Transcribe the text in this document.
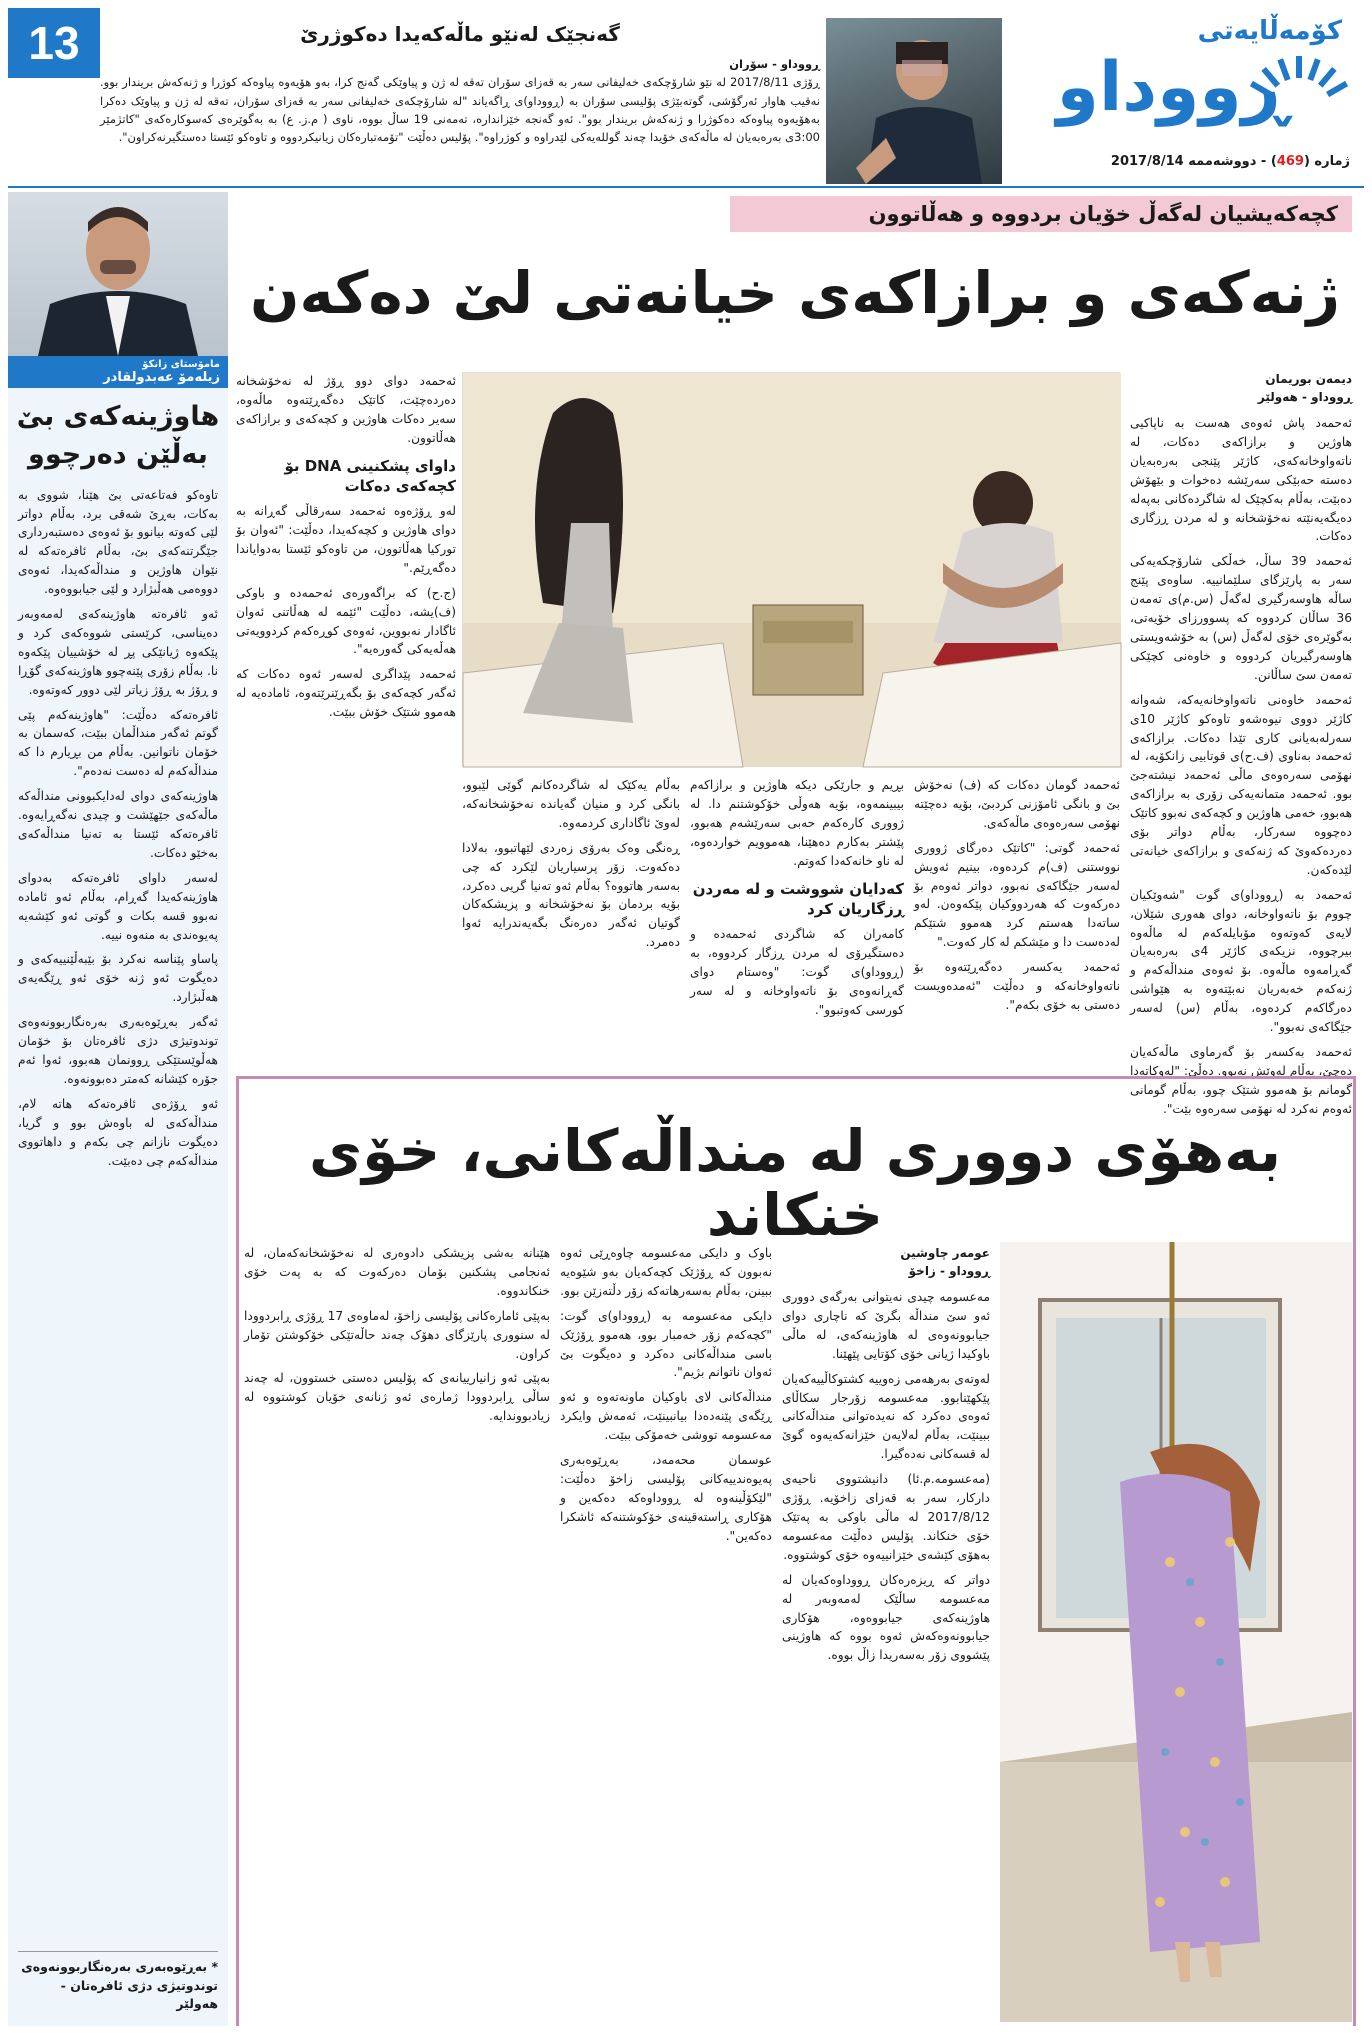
13	گەنجێک لەنێو ماڵەکەیدا دەکوژرێ
ڕووداو - سۆران
ڕۆژی 2017/8/11 لە نێو شارۆچکەی خەلیفانی سەر بە قەزای سۆران تەقە لە ژن و پیاوێکی گەنج کرا، بەو هۆیەوە پیاوەکە کوژرا و ژنەکەش بریندار بوو. نەقیب هاوار ئەرگۆشی، گوتەبێژی پۆلیسی سۆران بە (ڕووداو)ی ڕاگەیاند "لە شارۆچکەی خەلیفانی سەر بە قەزای سۆران، تەقە لە ژن و پیاوێک دەکرا بەهۆیەوە پیاوەکە دەکوژرا و ژنەکەش بریندار بوو". ئەو گەنجە خێزاندارە، تەمەنی 19 ساڵ بووە، ناوی ( م.ز. ع) بە بەگوێرەی کەسوکارەکەی "کاتژمێر 3:00ی بەرەبەیان لە ماڵەکەی خۆیدا چەند گوللەیەکی لێدراوە و کوژراوە". پۆلیس دەڵێت "تۆمەتبارەکان زیانیکردووە و تاوەکو ئێستا دەستگیرنەکراون".
کۆمەڵایەتی
ڕووداو
ژمارە (469) - دووشەممە 2017/8/14
مامۆستای زانکۆ
زیلەمۆ عەبدولقادر
هاوژینەکەی بێ بەڵێن دەرچوو

تاوەکو فەتاعەتی بێ هێنا، شووی بە بەکات، بەڕێ شەقی برد، بەڵام دواتر لێی کەوتە بیانوو بۆ ئەوەی دەستبەرداری جێگرتنەکەی بێ، بەڵام ئافرەتەکە لە نێوان هاوژین و منداڵەکەیدا، ئەوەی دووەمی هەڵبژارد و لێی جیابووەوە.

ئەو ئافرەتە هاوژینەکەی لەمەوبەر دەیناسی، کرێستی شووەکەی کرد و پێکەوە ژیانێکی پڕ لە خۆشییان پێکەوە نا. بەڵام زۆری پێنەچوو هاوژینەکەی گۆڕا و ڕۆژ بە ڕۆژ زیاتر لێی دوور کەوتەوە.

ئافرەتەکە دەڵێت: "هاوژینەکەم پێی گوتم ئەگەر منداڵمان ببێت، کەسمان بە خۆمان ناتوانین. بەڵام من بڕیارم دا کە منداڵەکەم لە دەست نەدەم".

هاوژینەکەی دوای لەدایکبوونی منداڵەکە ماڵەکەی جێهێشت و چیدی نەگەڕایەوە. ئافرەتەکە ئێستا بە تەنیا منداڵەکەی بەخێو دەکات.

لەسەر داوای ئافرەتەکە بەدوای هاوژینەکەیدا گەڕام، بەڵام ئەو ئامادە نەبوو قسە بکات و گوتی ئەو کێشەیە پەیوەندی بە منەوە نییە.

پاساو پێناسە نەکرد بۆ بێبەڵێنییەکەی و دەیگوت ئەو ژنە خۆی ئەو ڕێگەیەی هەڵبژارد.

ئەگەر بەڕێوەبەری بەرەنگاربوونەوەی توندوتیژی دژی ئافرەتان بۆ خۆمان هەڵوێستێکی ڕوونمان هەبوو، ئەوا ئەم جۆرە کێشانە کەمتر دەبوونەوە.

ئەو ڕۆژەی ئافرەتەکە هاتە لام، منداڵەکەی لە باوەش بوو و گریا، دەیگوت نازانم چی بکەم و داهاتووی منداڵەکەم چی دەبێت.

* بەڕێوەبەری بەرەنگاربوونەوەی توندوتیژی دژی ئافرەتان - هەولێر
کچەکەیشیان لەگەڵ خۆیان بردووە و هەڵاتوون
ژنەکەی و برازاکەی خیانەتی لێ دەکەن
دیمەن بوریمان
ڕووداو - هەولێر

ئەحمەد پاش ئەوەی هەست بە ناپاکیی هاوژین و برازاکەی دەکات، لە ناتەواوخانەکەی، کاژێر پێنجی بەرەبەیان دەستە حەبێکی سەرێشە دەخوات و بێهۆش دەبێت، بەڵام بەکچێک لە شاگردەکانی بەپەلە دەیگەیەنێتە نەخۆشخانە و لە مردن ڕزگاری دەکات.

ئەحمەد 39 ساڵ، خەڵکی شارۆچکەیەکی سەر بە پارێزگای سلێمانییە. ساوەی پێنج ساڵە هاوسەرگیری لەگەڵ (س.م)ی تەمەن 36 ساڵان کردووە کە پسوورزای خۆیەتی، بەگوێرەی خۆی لەگەڵ (س) بە خۆشەویستی هاوسەرگیریان کردووە و خاوەنی کچێکی تەمەن سێ ساڵانن.

ئەحمەد خاوەنی ناتەواوخانەیەکە، شەوانە کاژێر دووی نیوەشەو تاوەکو کاژێر 10ی سەرلەبەیانی کاری تێدا دەکات. برازاکەی ئەحمەد بەناوی (ف.ح)ی قوتابیی زانکۆیە، لە نهۆمی سەرەوەی ماڵی ئەحمەد نیشتەجێ بوو. ئەحمەد متمانەیەکی زۆری بە برازاکەی هەبوو، خەمی هاوژین و کچەکەی نەبوو کاتێک دەچووە سەرکار، بەڵام دواتر بۆی دەردەکەوێ کە ژنەکەی و برازاکەی خیانەتی لێدەکەن.

ئەحمەد بە (ڕووداو)ی گوت "شەوێکیان چووم بۆ ناتەواوخانە، دوای هەوری شێلان، لایەی کەوتەوە مۆبایلەکەم لە ماڵەوە بیرچووە، نزیکەی کاژێر 4ی بەرەبەیان گەڕامەوە ماڵەوە. بۆ ئەوەی منداڵەکەم و ژنەکەم خەبەریان نەبێتەوە بە هێواشی دەرگاکەم کردەوە، بەڵام (س) لەسەر جێگاکەی نەبوو".

ئەحمەد بەکسەر بۆ گەرماوی ماڵەکەیان دەچێ، بەڵام لەوێش نەبوو. دەڵێ: "لەوکاتەدا گومانم بۆ هەموو شتێک چوو، بەڵام گومانی ئەوەم نەکرد لە نهۆمی سەرەوە بێت".

ئەحمەد دوای دوو ڕۆژ لە نەخۆشخانە دەردەچێت، کاتێک دەگەڕێتەوە ماڵەوە، سەیر دەکات هاوژین و کچەکەی و برازاکەی هەڵاتوون.

داوای پشکنینی DNA بۆ کچەکەی دەکات

لەو ڕۆژەوە ئەحمەد سەرقاڵی گەڕانە بە دوای هاوژین و کچەکەیدا، دەڵێت: "ئەوان بۆ تورکیا هەڵاتوون، من تاوەکو ئێستا بەدوایاندا دەگەڕێم."

(ج.ح) کە براگەورەی ئەحمەدە و باوکی (ف)یشە، دەڵێت "ئێمە لە هەڵاتنی ئەوان ئاگادار نەبووین، ئەوەی کوڕەکەم کردوویەتی هەڵەیەکی گەورەیە".

ئەحمەد پێداگری لەسەر ئەوە دەکات کە ئەگەر کچەکەی بۆ بگەڕێنرێتەوە، ئامادەیە لە هەموو شتێک خۆش ببێت.

ئەحمەد گومان دەکات کە (ف) نەخۆش بێ و بانگی ئامۆزنی کردبێ، بۆیە دەچێتە نهۆمی سەرەوەی ماڵەکەی.

ئەحمەد گوتی: "کاتێک دەرگای ژووری نووستنی (ف)م کردەوە، بینیم ئەویش لەسەر جێگاکەی نەبوو، دواتر ئەوەم بۆ دەرکەوت کە هەردووکیان پێکەوەن. لەو ساتەدا هەستم کرد هەموو شتێکم لەدەست دا و مێشکم لە کار کەوت."

ئەحمەد یەکسەر دەگەڕێتەوە بۆ ناتەواوخانەکە و دەڵێت "ئەمدەویست دەستی بە خۆی بکەم".

بڕیم و جارێکی دیکە هاوژین و برازاکەم بیبینمەوە، بۆیە هەوڵی خۆکوشتنم دا. لە ژووری کارەکەم حەبی سەرێشەم هەبوو، پێشتر بەکارم دەهێنا، هەموویم خواردەوە، لە ناو خانەکەدا کەوتم.

کەدایان شووشت و لە مەردن ڕزگاریان کرد

کامەران کە شاگردی ئەحمەدە و دەستگیرۆی لە مردن ڕزگار کردووە، بە (ڕووداو)ی گوت: "وەستام دوای گەڕانەوەی بۆ ناتەواوخانە و لە سەر کورسی کەوتبوو".

بەڵام یەکێک لە شاگردەکانم گوێی لێبوو، بانگی کرد و منیان گەیاندە نەخۆشخانەکە، لەوێ ئاگاداری کردمەوە.

ڕەنگی وەک بەرۆی زەردی لێهاتبوو، بەلادا دەکەوت. زۆر پرسیاریان لێکرد کە چی بەسەر هاتووە؟ بەڵام ئەو تەنیا گریی دەکرد، بۆیە بردمان بۆ نەخۆشخانە و پزیشکەکان گوتیان ئەگەر دەرەنگ بگەیەندرایە ئەوا دەمرد.

بەهۆی دووری لە منداڵەکانی، خۆی خنکاند
عومەر چاوشین
ڕووداو - زاخۆ

مەعسومە چیدی نەیتوانی بەرگەی دووری ئەو سێ منداڵە بگرێ کە ناچاری دوای جیابوونەوەی لە هاوژینەکەی، لە ماڵی باوکیدا ژیانی خۆی کۆتایی پێهێنا.

لەوتەی بەرهەمی زەوییە کشتوکاڵییەکەیان پێکهێنابوو. مەعسومە زۆرجار سکاڵای ئەوەی دەکرد کە نەیدەتوانی منداڵەکانی ببینێت، بەڵام لەلایەن خێزانەکەیەوە گوێ لە قسەکانی نەدەگیرا.

(مەعسومە.م.ئا) دانیشتووی ناحیەی دارکار، سەر بە قەزای زاخۆیە. ڕۆژی 2017/8/12 لە ماڵی باوکی بە پەتێک خۆی خنکاند. پۆلیس دەڵێت مەعسومە بەهۆی کێشەی خێزانییەوە خۆی کوشتووە.

دواتر کە ڕیزەرەکان ڕووداوەکەیان لە مەعسومە ساڵێک لەمەوبەر لە هاوژینەکەی جیابووەوە، هۆکاری جیابوونەوەکەش ئەوە بووە کە هاوژینی پێشووی زۆر بەسەریدا زاڵ بووە.

باوک و دایکی مەعسومە چاوەڕێی ئەوە نەبوون کە ڕۆژێک کچەکەیان بەو شێوەیە ببینن، بەڵام بەسەرهاتەکە زۆر دڵتەزێن بوو.

دایکی مەعسومە بە (ڕووداو)ی گوت: "کچەکەم زۆر خەمبار بوو، هەموو ڕۆژێک باسی منداڵەکانی دەکرد و دەیگوت بێ ئەوان ناتوانم بژیم".

منداڵەکانی لای باوکیان ماونەتەوە و ئەو ڕێگەی پێنەدەدا بیانبینێت، ئەمەش وایکرد مەعسومە تووشی خەمۆکی ببێت.

عوسمان محەمەد، بەڕێوەبەری پەیوەندییەکانی پۆلیسی زاخۆ دەڵێت: "لێکۆڵینەوە لە ڕووداوەکە دەکەین و هۆکاری ڕاستەقینەی خۆکوشتنەکە ئاشکرا دەکەین".

هێنانە بەشی پزیشکی دادوەری لە نەخۆشخانەکەمان، لە ئەنجامی پشکنین بۆمان دەرکەوت کە بە پەت خۆی خنکاندووە.

بەپێی ئامارەکانی پۆلیسی زاخۆ، لەماوەی 17 ڕۆژی ڕابردوودا لە سنووری پارێزگای دهۆک چەند حاڵەتێکی خۆکوشتن تۆمار کراون.

بەپێی ئەو زانیارییانەی کە پۆلیس دەستی خستوون، لە چەند ساڵی ڕابردوودا ژمارەی ئەو ژنانەی خۆیان کوشتووە لە زیادبووندایە.
